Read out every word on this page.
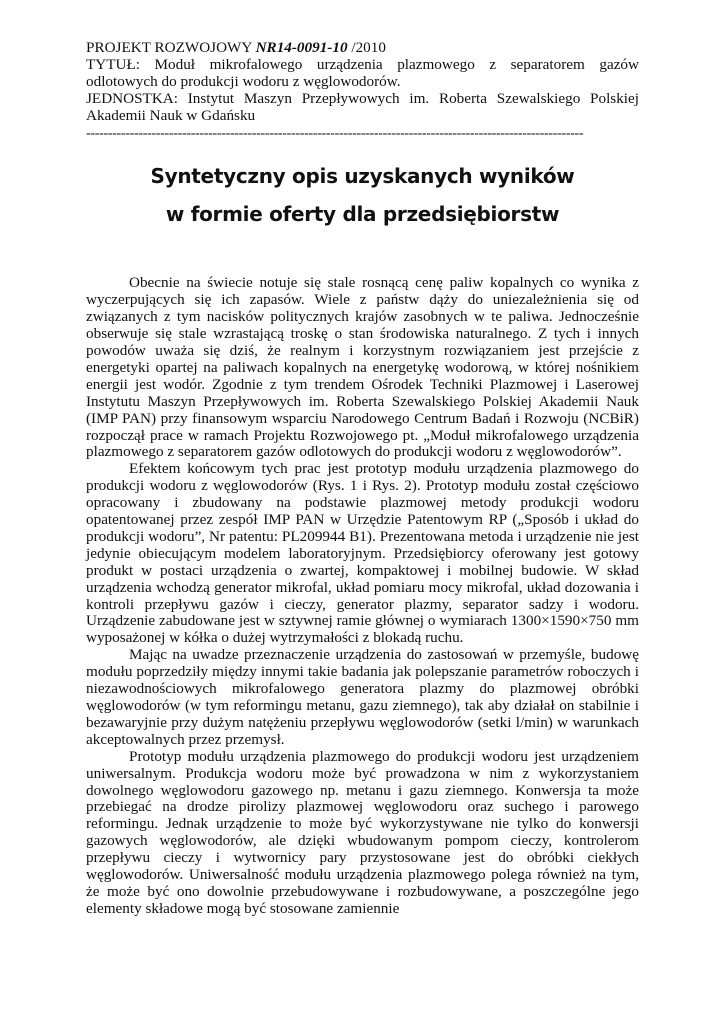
PROJEKT ROZWOJOWY NR14-0091-10 /2010

TYTUŁ: Moduł mikrofalowego urządzenia plazmowego z separatorem gazów odlotowych do produkcji wodoru z węglowodorów.

JEDNOSTKA: Instytut Maszyn Przepływowych im. Roberta Szewalskiego Polskiej Akademii Nauk w Gdańsku

------------------------------------------------------------------------------------------------------------------

Syntetyczny opis uzyskanych wyników
w formie oferty dla przedsiębiorstw

Obecnie na świecie notuje się stale rosnącą cenę paliw kopalnych co wynika z wyczerpujących się ich zapasów. Wiele z państw dąży do uniezależnienia się od związanych z tym nacisków politycznych krajów zasobnych w te paliwa. Jednocześnie obserwuje się stale wzrastającą troskę o stan środowiska naturalnego. Z tych i innych powodów uważa się dziś, że realnym i korzystnym rozwiązaniem jest przejście z energetyki opartej na paliwach kopalnych na energetykę wodorową, w której nośnikiem energii jest wodór. Zgodnie z tym trendem Ośrodek Techniki Plazmowej i Laserowej Instytutu Maszyn Przepływowych im. Roberta Szewalskiego Polskiej Akademii Nauk (IMP PAN) przy finansowym wsparciu Narodowego Centrum Badań i Rozwoju (NCBiR) rozpoczął prace w ramach Projektu Rozwojowego pt. „Moduł mikrofalowego urządzenia plazmowego z separatorem gazów odlotowych do produkcji wodoru z węglowodorów”.

Efektem końcowym tych prac jest prototyp modułu urządzenia plazmowego do produkcji wodoru z węglowodorów (Rys. 1 i Rys. 2). Prototyp modułu został częściowo opracowany i zbudowany na podstawie plazmowej metody produkcji wodoru opatentowanej przez zespół IMP PAN w Urzędzie Patentowym RP („Sposób i układ do produkcji wodoru”, Nr patentu: PL209944 B1). Prezentowana metoda i urządzenie nie jest jedynie obiecującym modelem laboratoryjnym. Przedsiębiorcy oferowany jest gotowy produkt w postaci urządzenia o zwartej, kompaktowej i mobilnej budowie. W skład urządzenia wchodzą generator mikrofal, układ pomiaru mocy mikrofal, układ dozowania i kontroli przepływu gazów i cieczy, generator plazmy, separator sadzy i wodoru. Urządzenie zabudowane jest w sztywnej ramie głównej o wymiarach 1300×1590×750 mm wyposażonej w kółka o dużej wytrzymałości z blokadą ruchu.

Mając na uwadze przeznaczenie urządzenia do zastosowań w przemyśle, budowę modułu poprzedziły między innymi takie badania jak polepszanie parametrów roboczych i niezawodnościowych mikrofalowego generatora plazmy do plazmowej obróbki węglowodorów (w tym reformingu metanu, gazu ziemnego), tak aby działał on stabilnie i bezawaryjnie przy dużym natężeniu przepływu węglowodorów (setki l/min) w warunkach akceptowalnych przez przemysł.

Prototyp modułu urządzenia plazmowego do produkcji wodoru jest urządzeniem uniwersalnym. Produkcja wodoru może być prowadzona w nim z wykorzystaniem dowolnego węglowodoru gazowego np. metanu i gazu ziemnego. Konwersja ta może przebiegać na drodze pirolizy plazmowej węglowodoru oraz suchego i parowego reformingu. Jednak urządzenie to może być wykorzystywane nie tylko do konwersji gazowych węglowodorów, ale dzięki wbudowanym pompom cieczy, kontrolerom przepływu cieczy i wytwornicy pary przystosowane jest do obróbki ciekłych węglowodorów. Uniwersalność modułu urządzenia plazmowego polega również na tym, że może być ono dowolnie przebudowywane i rozbudowywane, a poszczególne jego elementy składowe mogą być stosowane zamiennie
